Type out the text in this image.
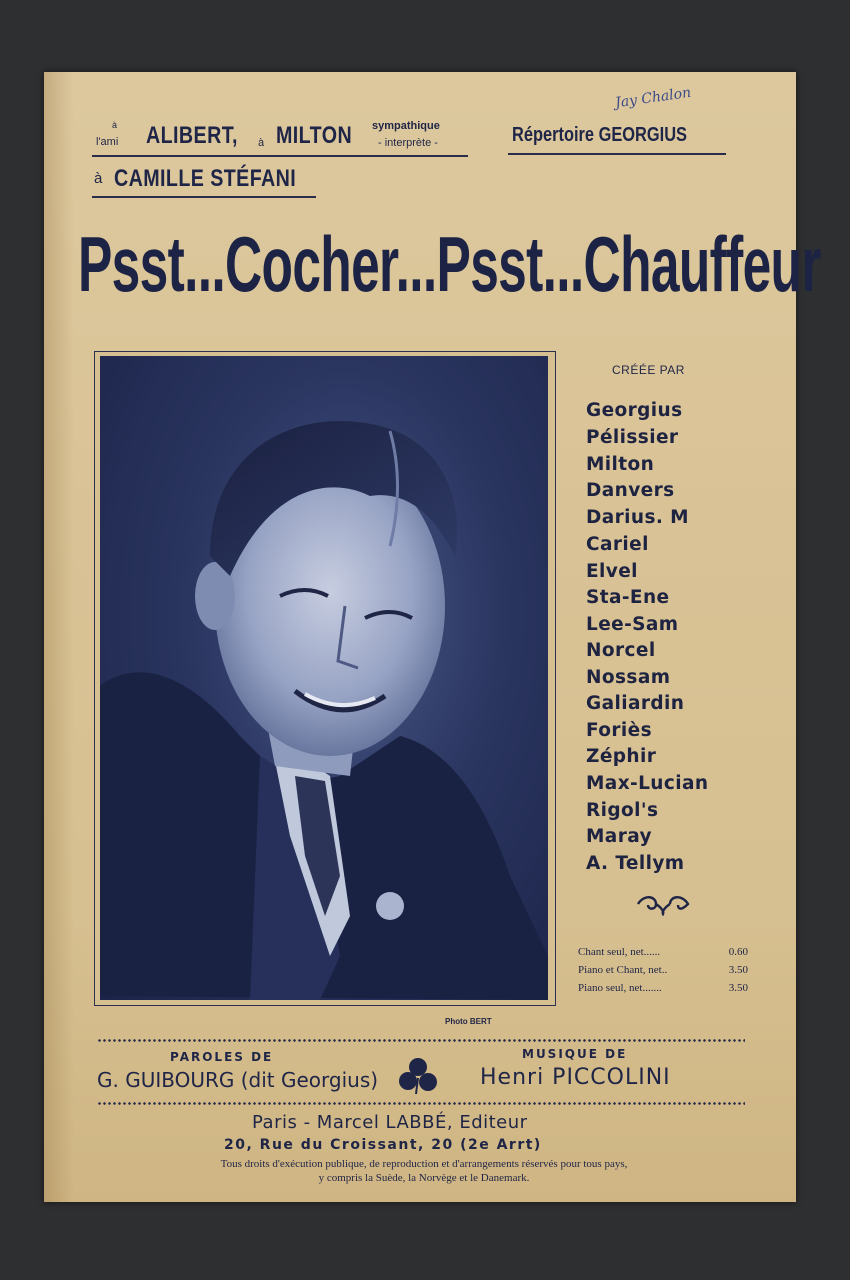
Jay Chalon
à
l'ami ALIBERT, à MILTON sympathique
- interprète -
à CAMILLE STÉFANI
Répertoire GEORGIUS
Psst...Cocher...Psst...Chauffeur
Photo BERT
CRÉÉE PAR
Georgius
Pélissier
Milton
Danvers
Darius. M
Cariel
Elvel
Sta-Ene
Lee-Sam
Norcel
Nossam
Galiardin
Foriès
Zéphir
Max-Lucian
Rigol's
Maray
A. Tellym
Chant seul, net......	0.60
Piano et Chant, net..	3.50
Piano seul, net.......	3.50
PAROLES DE
G. GUIBOURG (dit Georgius)
MUSIQUE DE
Henri PICCOLINI
Paris - Marcel LABBÉ, Editeur
20, Rue du Croissant, 20 (2e Arrt)
Tous droits d'exécution publique, de reproduction et d'arrangements réservés pour tous pays,
y compris la Suède, la Norvège et le Danemark.
